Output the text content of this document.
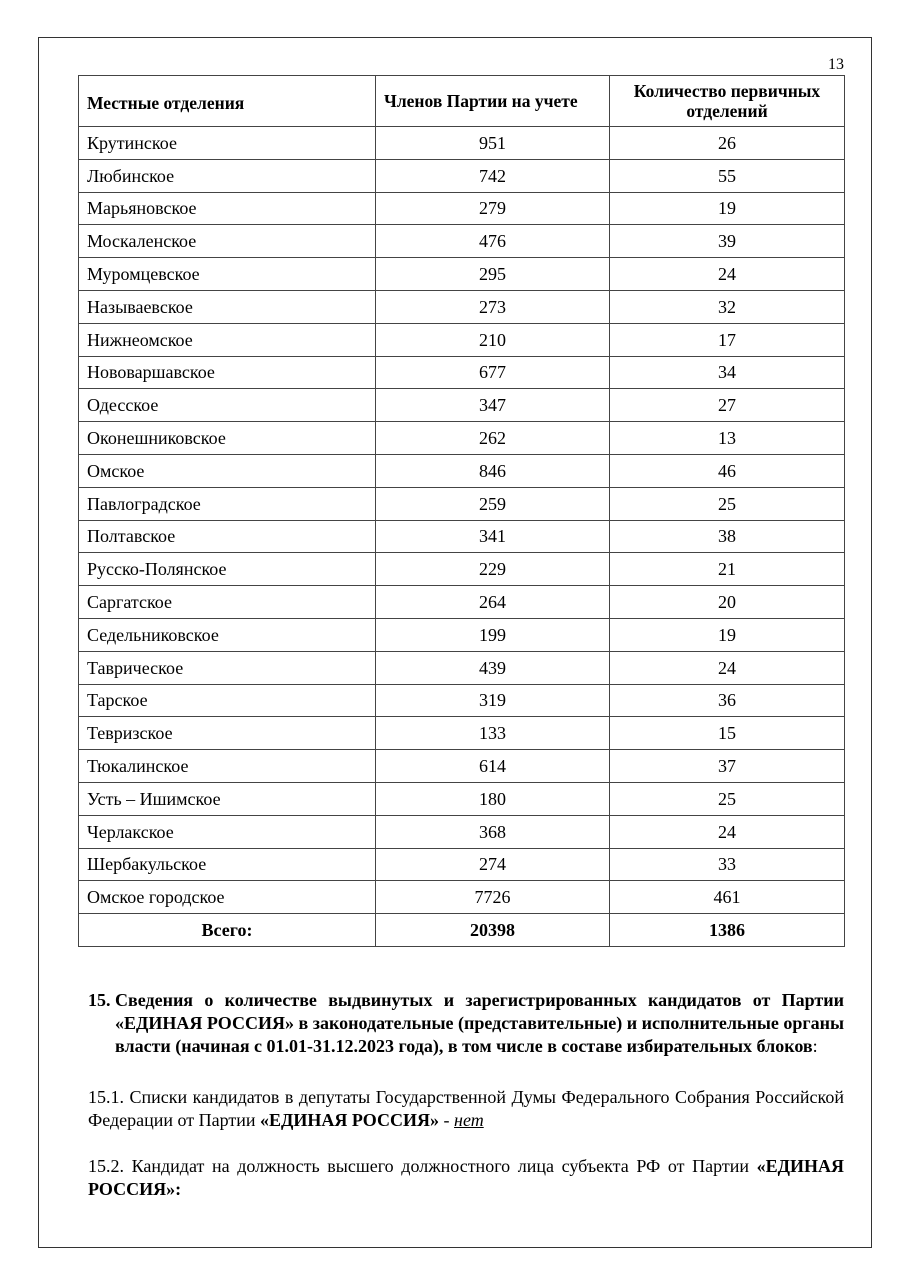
13
Местные отделения	Членов Партии на учете	Количество первичных отделений
Крутинское	951	26
Любинское	742	55
Марьяновское	279	19
Москаленское	476	39
Муромцевское	295	24
Называевское	273	32
Нижнеомское	210	17
Нововаршавское	677	34
Одесское	347	27
Оконешниковское	262	13
Омское	846	46
Павлоградское	259	25
Полтавское	341	38
Русско-Полянское	229	21
Саргатское	264	20
Седельниковское	199	19
Таврическое	439	24
Тарское	319	36
Тевризское	133	15
Тюкалинское	614	37
Усть – Ишимское	180	25
Черлакское	368	24
Шербакульское	274	33
Омское городское	7726	461
Всего:	20398	1386
15. Сведения о количестве выдвинутых и зарегистрированных кандидатов от Партии «ЕДИНАЯ РОССИЯ» в законодательные (представительные) и исполнительные органы власти (начиная с 01.01-31.12.2023 года), в том числе в составе избирательных блоков:
15.1. Списки кандидатов в депутаты Государственной Думы Федерального Собрания Российской Федерации от Партии «ЕДИНАЯ РОССИЯ» - нет
15.2. Кандидат на должность высшего должностного лица субъекта РФ от Партии «ЕДИНАЯ РОССИЯ»:
